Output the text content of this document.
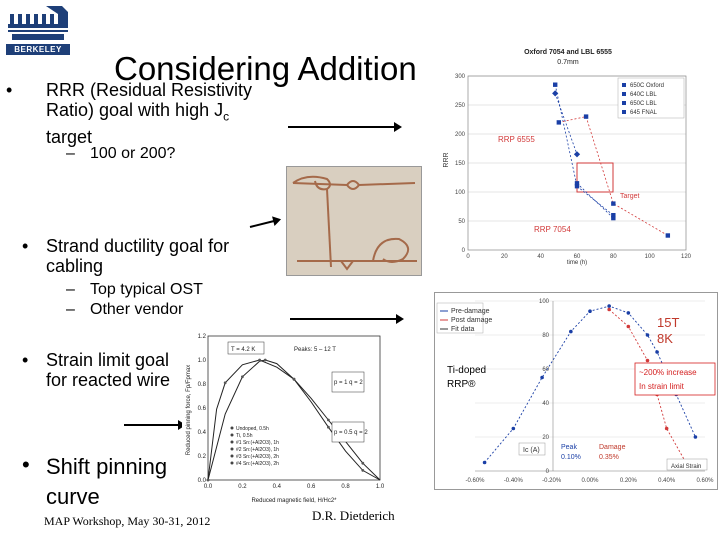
BERKELEY LAB	Considering Addition
• RRR (Residual Resistivity Ratio) goal with high $J_c$ target
– 100 or 200?
• Strand ductility goal for cabling
– Top typical OST
– Other vendor
• Strain limit goal for reacted wire
• Shift pinning curve
Oxford 7054 and LBL 6555
0.7mm
0
50
100
150
200
250
300
0	20	40	60	80	100	120
RRR
time (h)
RRP 6555
RRP 7054
Target
650C Oxford
640C LBL
650C LBL
645 FNAL
0.0
0.2
0.4
0.6
0.8
1.0
1.2
0.0	0.2	0.4	0.6	0.8	1.0
Reduced pinning force, Fp/Fpmax
Reduced magnetic field, H/Hc2*
T = 4.2 K	Peaks: 5 – 12 T
p = 1 q = 2
p = 0.5 q = 2
Undoped, 0.5h
Ti, 0.5h
#1 Sn:(+Al2O3), 1h
#2 Sn:(+Al2O3), 1h
#3 Sn:(+Al2O3), 2h
#4 Sn:(+Al2O3), 2h
0
20
40
60
80
100
-0.60%	-0.40%	-0.20%	0.00%	0.20%	0.40%	0.60%
Pre-damage
Post damage
Fit data	15T
8K
Ti-doped
RRP®
~200% increase
In strain limit
Peak
0.10%
Damage
0.35%
Ic (A)
Axial Strain
MAP Workshop, May 30-31, 2012	D.R. Dietderich
